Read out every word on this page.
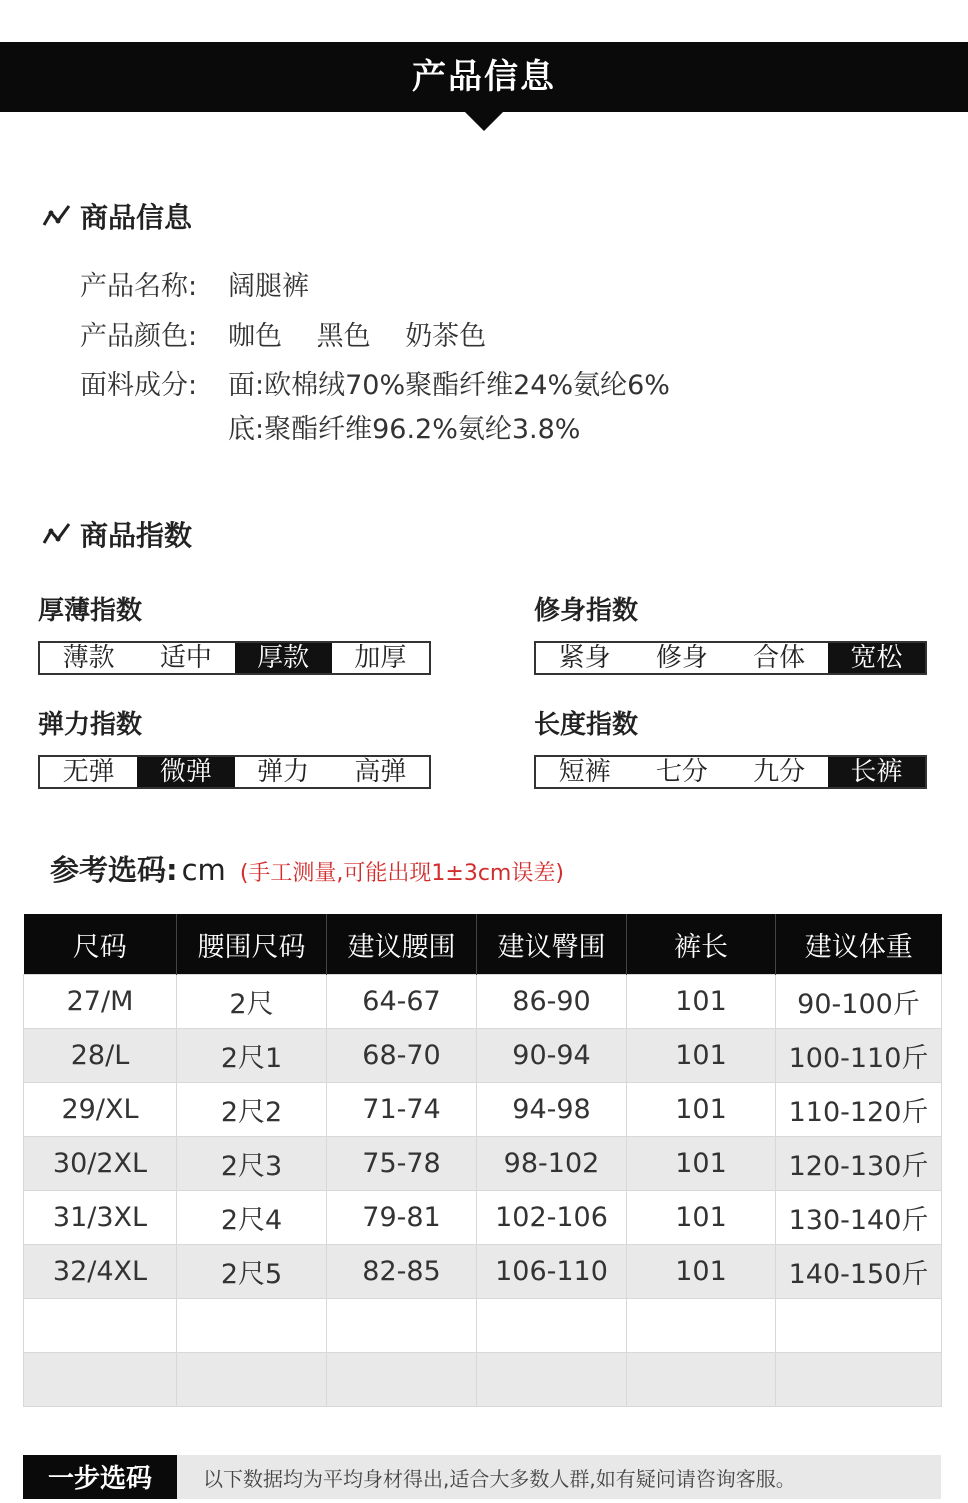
产品信息
商品信息
产品名称:	阔腿裤
产品颜色:	咖色 黑色 奶茶色
面料成分:	面:欧棉绒70%聚酯纤维24%氨纶6%
底:聚酯纤维96.2%氨纶3.8%
商品指数
厚薄指数
薄款	适中	厚款	加厚
修身指数
紧身	修身	合体	宽松
弹力指数
无弹	微弹	弹力	高弹
长度指数
短裤	七分	九分	长裤
参考选码: cm (手工测量,可能出现1±3cm误差)
尺码	腰围尺码	建议腰围	建议臀围	裤长	建议体重
27/M	2尺	64-67	86-90	101	90-100斤
28/L	2尺1	68-70	90-94	101	100-110斤
29/XL	2尺2	71-74	94-98	101	110-120斤
30/2XL	2尺3	75-78	98-102	101	120-130斤
31/3XL	2尺4	79-81	102-106	101	130-140斤
32/4XL	2尺5	82-85	106-110	101	140-150斤

一步选码	以下数据均为平均身材得出,适合大多数人群,如有疑问请咨询客服。
